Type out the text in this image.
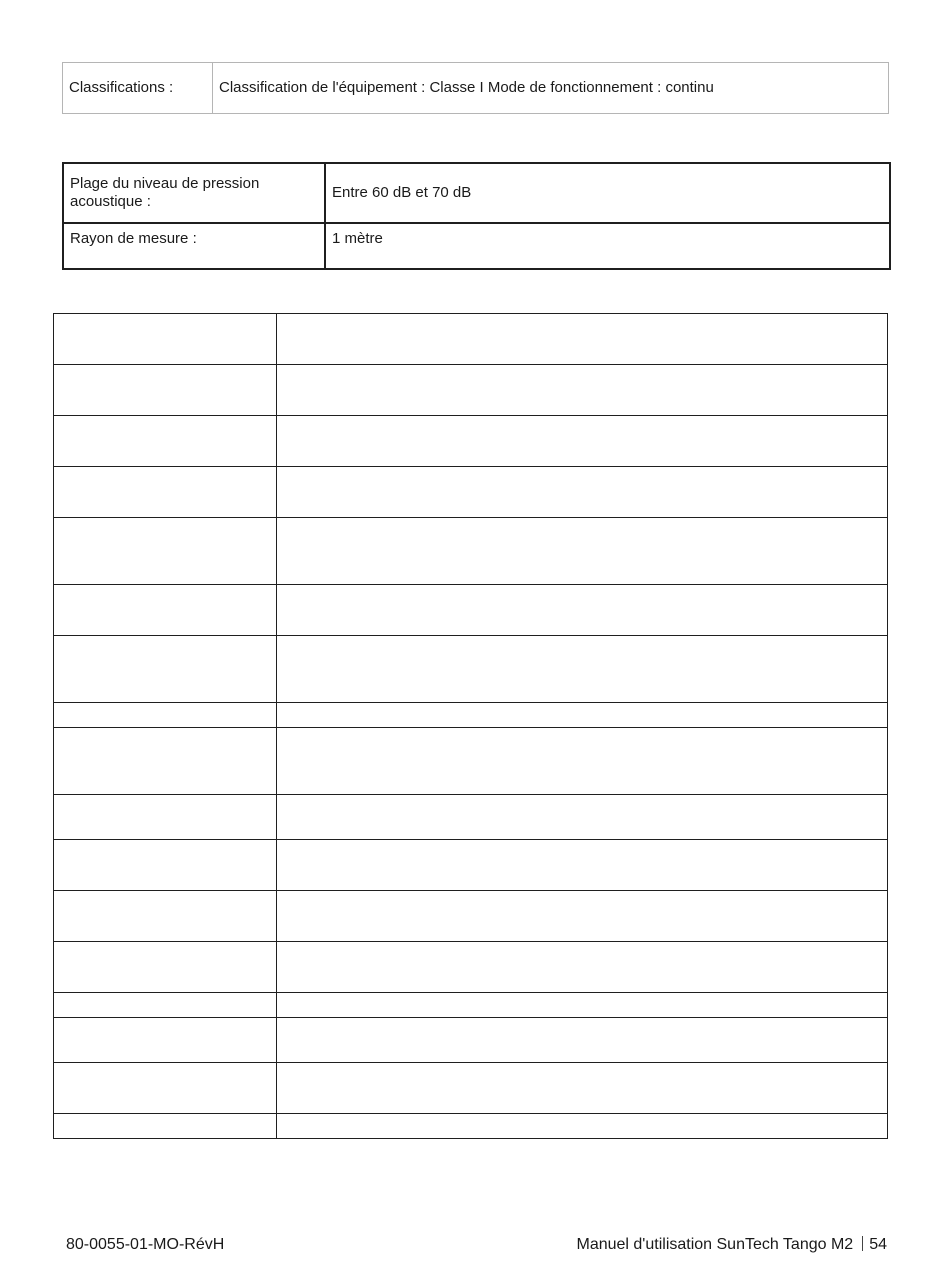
Classifications :	Classification de l'équipement : Classe I Mode de fonctionnement : continu
Plage du niveau de pression acoustique :	Entre 60 dB et 70 dB
Rayon de mesure :	1 mètre

80-0055-01-MO-RévH	Manuel d'utilisation SunTech Tango M2 54
